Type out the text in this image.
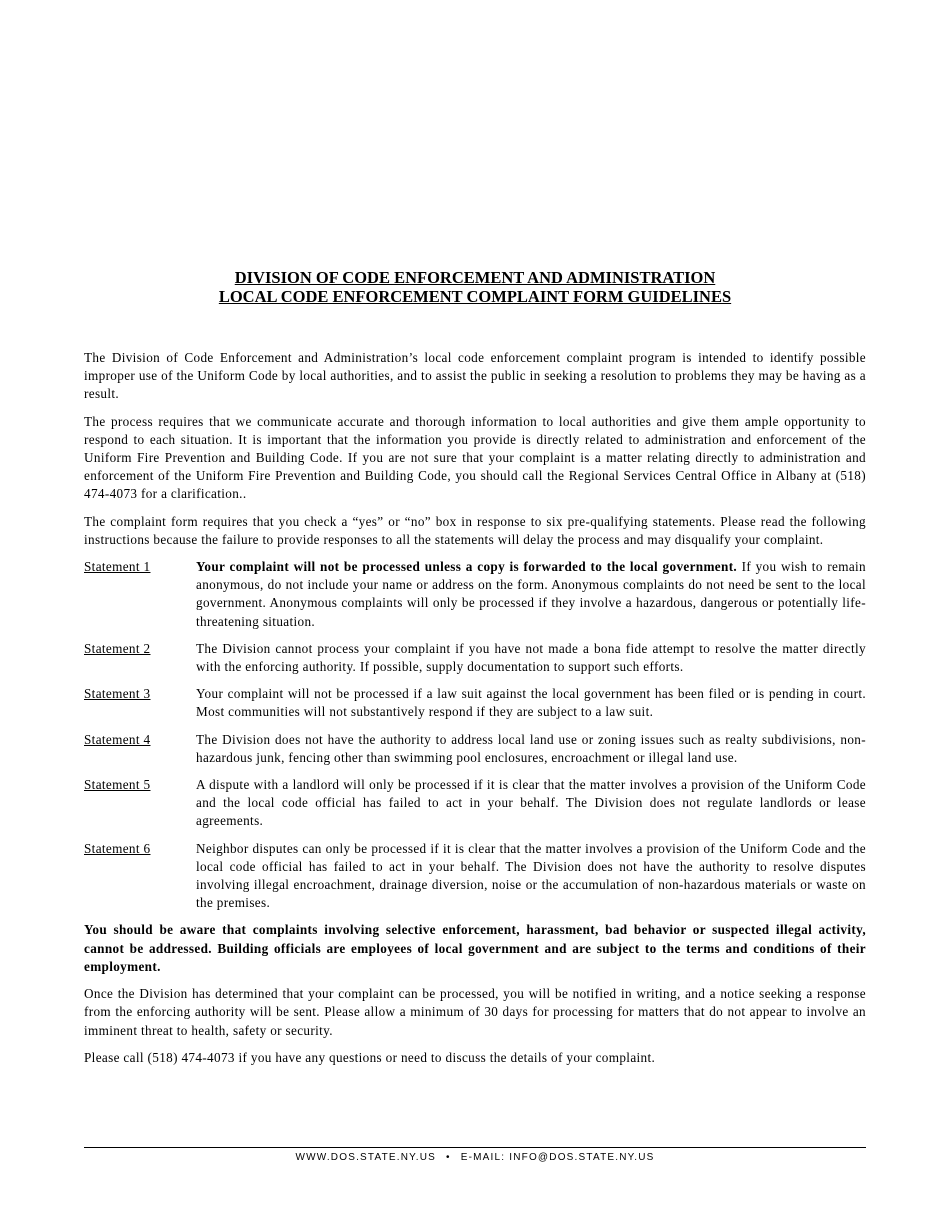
DIVISION OF CODE ENFORCEMENT AND ADMINISTRATION
LOCAL CODE ENFORCEMENT COMPLAINT FORM GUIDELINES

The Division of Code Enforcement and Administration’s local code enforcement complaint program is intended to identify possible improper use of the Uniform Code by local authorities, and to assist the public in seeking a resolution to problems they may be having as a result.

The process requires that we communicate accurate and thorough information to local authorities and give them ample opportunity to respond to each situation. It is important that the information you provide is directly related to administration and enforcement of the Uniform Fire Prevention and Building Code. If you are not sure that your complaint is a matter relating directly to administration and enforcement of the Uniform Fire Prevention and Building Code, you should call the Regional Services Central Office in Albany at (518) 474-4073 for a clarification..

The complaint form requires that you check a “yes” or “no” box in response to six pre-qualifying statements. Please read the following instructions because the failure to provide responses to all the statements will delay the process and may disqualify your complaint.

Statement 1	Your complaint will not be processed unless a copy is forwarded to the local government. If you wish to remain anonymous, do not include your name or address on the form. Anonymous complaints do not need be sent to the local government. Anonymous complaints will only be processed if they involve a hazardous, dangerous or potentially life-threatening situation.
Statement 2	The Division cannot process your complaint if you have not made a bona fide attempt to resolve the matter directly with the enforcing authority. If possible, supply documentation to support such efforts.
Statement 3	Your complaint will not be processed if a law suit against the local government has been filed or is pending in court. Most communities will not substantively respond if they are subject to a law suit.
Statement 4	The Division does not have the authority to address local land use or zoning issues such as realty subdivisions, non-hazardous junk, fencing other than swimming pool enclosures, encroachment or illegal land use.
Statement 5	A dispute with a landlord will only be processed if it is clear that the matter involves a provision of the Uniform Code and the local code official has failed to act in your behalf. The Division does not regulate landlords or lease agreements.
Statement 6	Neighbor disputes can only be processed if it is clear that the matter involves a provision of the Uniform Code and the local code official has failed to act in your behalf. The Division does not have the authority to resolve disputes involving illegal encroachment, drainage diversion, noise or the accumulation of non-hazardous materials or waste on the premises.

You should be aware that complaints involving selective enforcement, harassment, bad behavior or suspected illegal activity, cannot be addressed. Building officials are employees of local government and are subject to the terms and conditions of their employment.

Once the Division has determined that your complaint can be processed, you will be notified in writing, and a notice seeking a response from the enforcing authority will be sent. Please allow a minimum of 30 days for processing for matters that do not appear to involve an imminent threat to health, safety or security.

Please call (518) 474-4073 if you have any questions or need to discuss the details of your complaint.

WWW.DOS.STATE.NY.US • E-MAIL: INFO@DOS.STATE.NY.US
